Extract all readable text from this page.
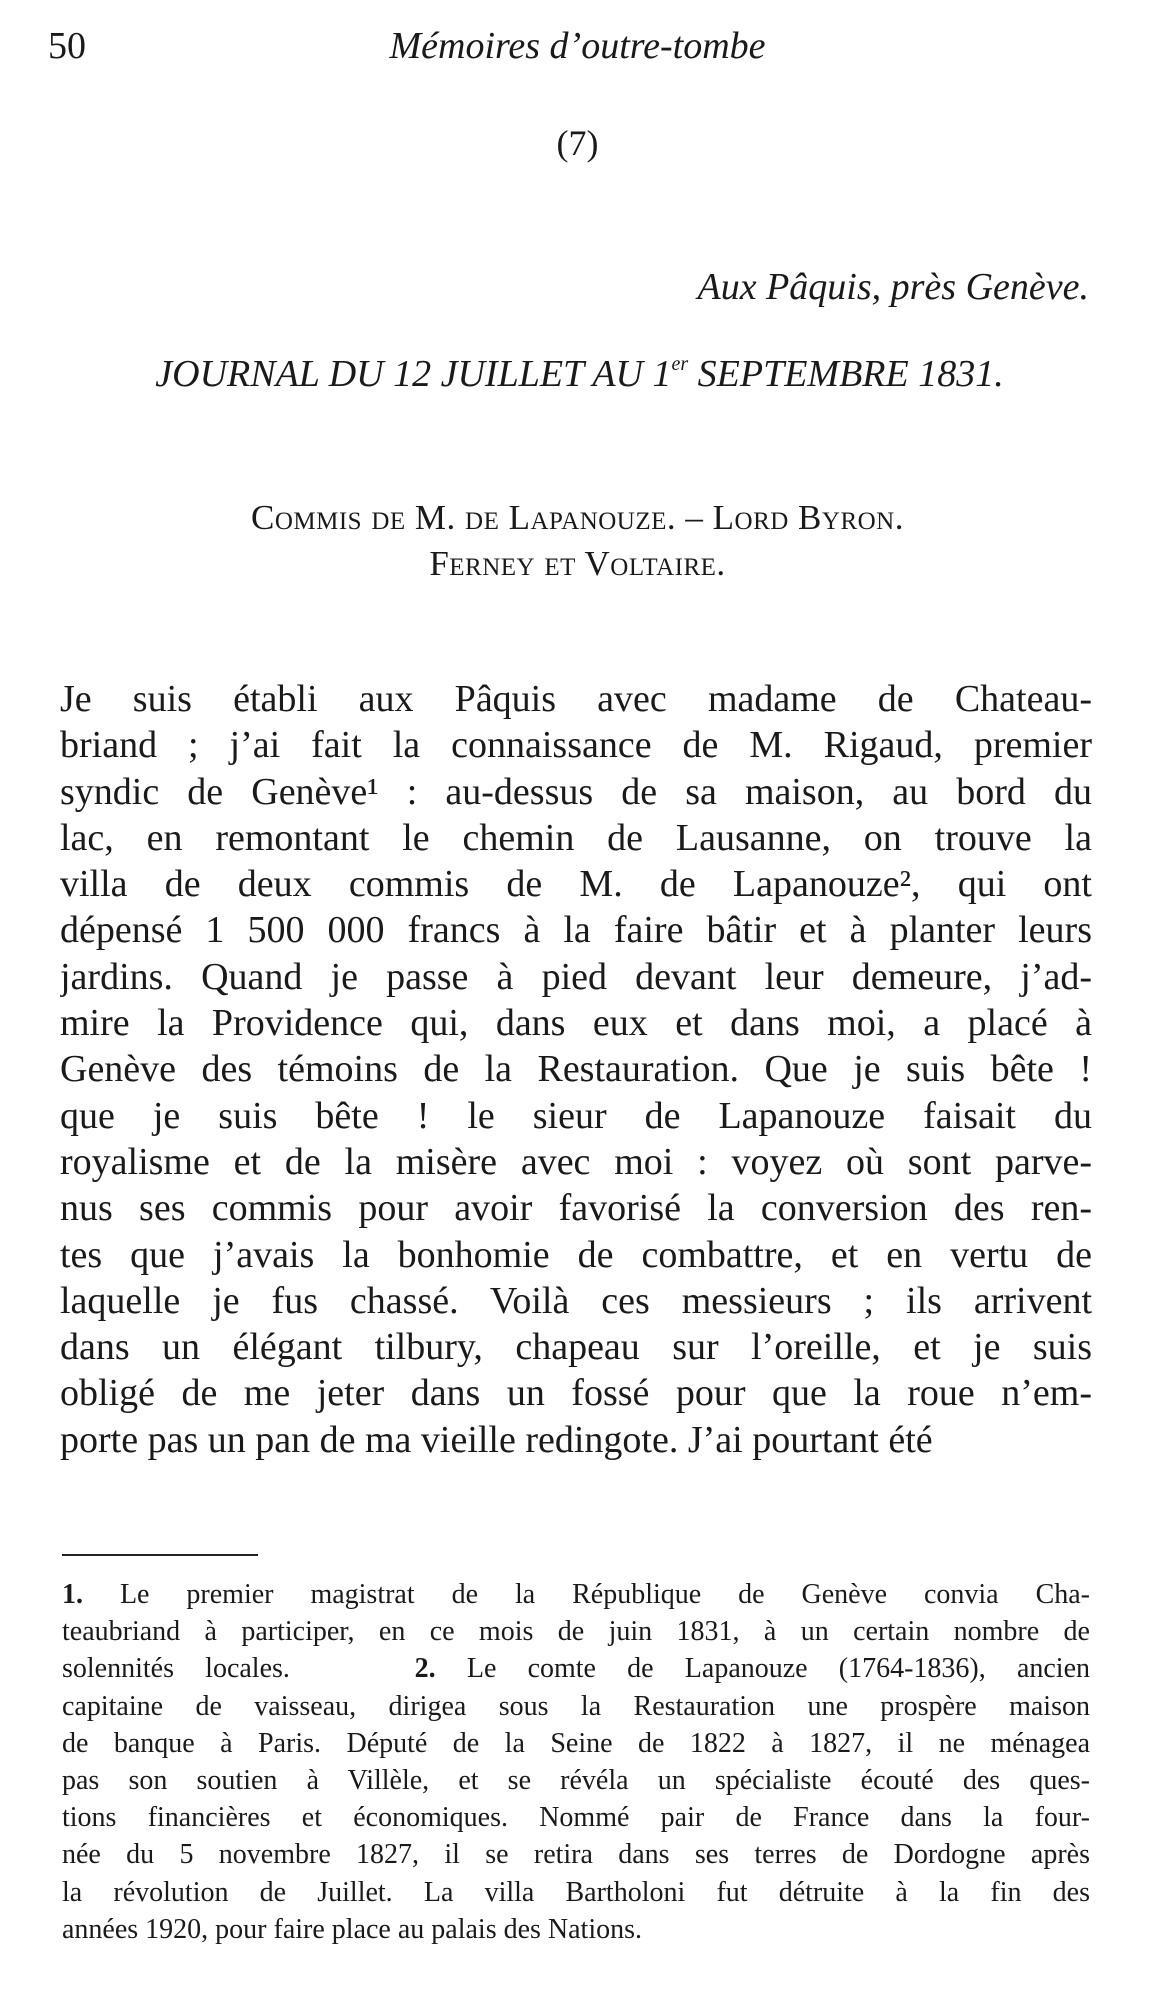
50	Mémoires d’outre-tombe
(7)
Aux Pâquis, près Genève.
JOURNAL DU 12 JUILLET AU 1er SEPTEMBRE 1831.
Commis de M. de Lapanouze. – Lord Byron.
Ferney et Voltaire.
Je suis établi aux Pâquis avec madame de Chateau-
briand ; j’ai fait la connaissance de M. Rigaud, premier
syndic de Genève¹ : au-dessus de sa maison, au bord du
lac, en remontant le chemin de Lausanne, on trouve la
villa de deux commis de M. de Lapanouze², qui ont
dépensé 1 500 000 francs à la faire bâtir et à planter leurs
jardins. Quand je passe à pied devant leur demeure, j’ad-
mire la Providence qui, dans eux et dans moi, a placé à
Genève des témoins de la Restauration. Que je suis bête !
que je suis bête ! le sieur de Lapanouze faisait du
royalisme et de la misère avec moi : voyez où sont parve-
nus ses commis pour avoir favorisé la conversion des ren-
tes que j’avais la bonhomie de combattre, et en vertu de
laquelle je fus chassé. Voilà ces messieurs ; ils arrivent
dans un élégant tilbury, chapeau sur l’oreille, et je suis
obligé de me jeter dans un fossé pour que la roue n’em-
porte pas un pan de ma vieille redingote. J’ai pourtant été
1. Le premier magistrat de la République de Genève convia Cha-
teaubriand à participer, en ce mois de juin 1831, à un certain nombre de
solennités locales.	2. Le comte de Lapanouze (1764-1836), ancien
capitaine de vaisseau, dirigea sous la Restauration une prospère maison
de banque à Paris. Député de la Seine de 1822 à 1827, il ne ménagea
pas son soutien à Villèle, et se révéla un spécialiste écouté des ques-
tions financières et économiques. Nommé pair de France dans la four-
née du 5 novembre 1827, il se retira dans ses terres de Dordogne après
la révolution de Juillet. La villa Bartholoni fut détruite à la fin des
années 1920, pour faire place au palais des Nations.
